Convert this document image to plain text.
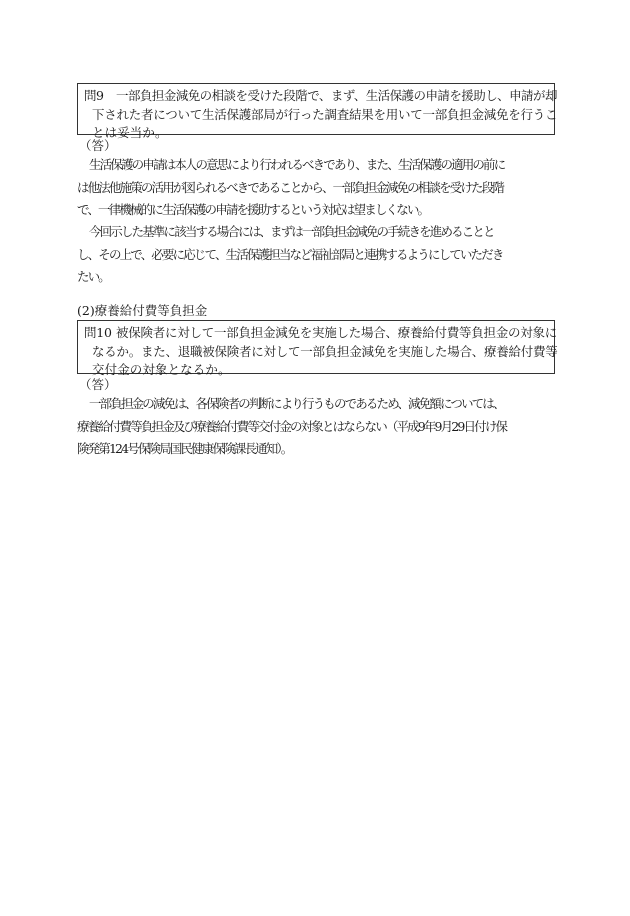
問9 一部負担金減免の相談を受けた段階で、まず、生活保護の申請を援助し、申請が却
下された者について生活保護部局が行った調査結果を用いて一部負担金減免を行うこ
とは妥当か。
（答）
生活保護の申請は本人の意思により行われるべきであり、また、生活保護の適用の前に
は他法他施策の活用が図られるべきであることから、一部負担金減免の相談を受けた段階
で、一律機械的に生活保護の申請を援助するという対応は望ましくない。
今回示した基準に該当する場合には、まずは一部負担金減免の手続きを進めることと
し、その上で、必要に応じて、生活保護担当など福祉部局と連携するようにしていただき
たい。
(2)療養給付費等負担金
問10 被保険者に対して一部負担金減免を実施した場合、療養給付費等負担金の対象に
なるか。また、退職被保険者に対して一部負担金減免を実施した場合、療養給付費等
交付金の対象となるか。
（答）
一部負担金の減免は、各保険者の判断により行うものであるため、減免額については、
療養給付費等負担金及び療養給付費等交付金の対象とはならない（平成9年9月29日付け保
険発第124号保険局国民健康保険課長通知）。
